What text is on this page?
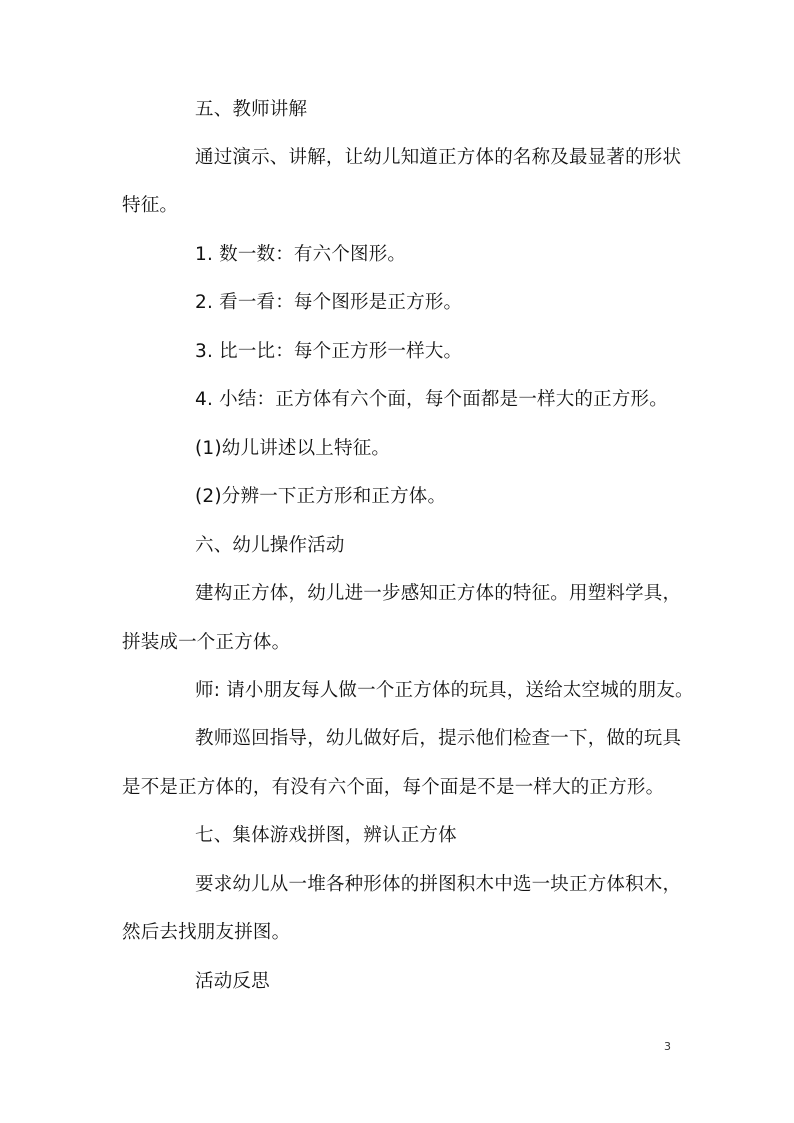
五、教师讲解
通过演示、讲解，让幼儿知道正方体的名称及最显著的形状
特征。
1. 数一数：有六个图形。
2. 看一看：每个图形是正方形。
3. 比一比：每个正方形一样大。
4. 小结：正方体有六个面，每个面都是一样大的正方形。
(1)幼儿讲述以上特征。
(2)分辨一下正方形和正方体。
六、幼儿操作活动
建构正方体，幼儿进一步感知正方体的特征。用塑料学具，
拼装成一个正方体。
师: 请小朋友每人做一个正方体的玩具，送给太空城的朋友。
教师巡回指导，幼儿做好后，提示他们检查一下，做的玩具
是不是正方体的，有没有六个面，每个面是不是一样大的正方形。
七、集体游戏拼图，辨认正方体
要求幼儿从一堆各种形体的拼图积木中选一块正方体积木，
然后去找朋友拼图。
活动反思
3
